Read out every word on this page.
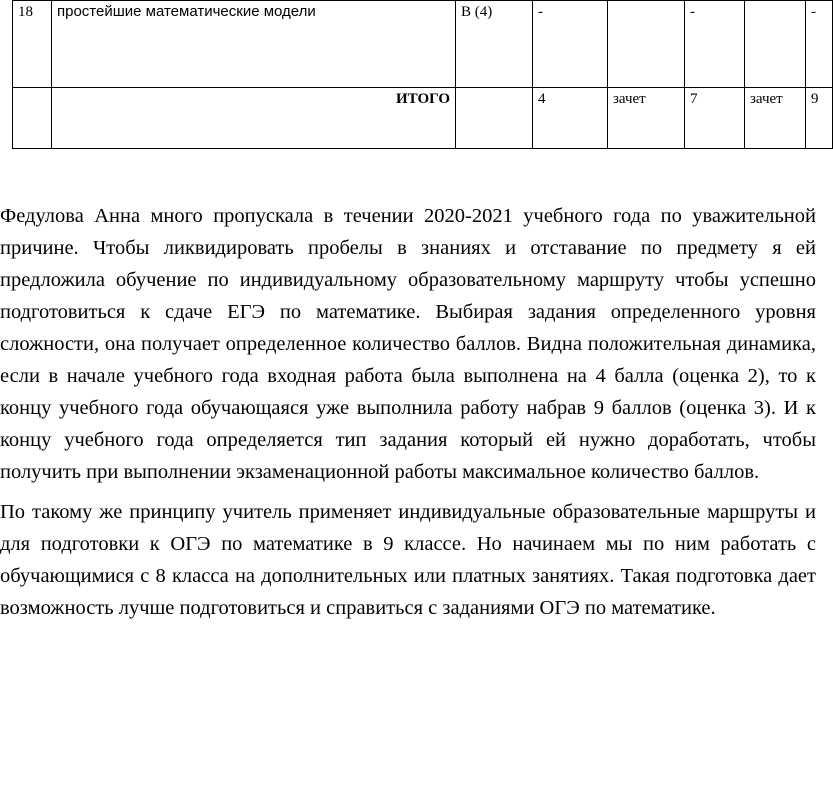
18	простейшие математические модели	В (4)	-		-		-
	ИТОГО		4	зачет	7	зачет	9

Федулова Анна много пропускала в течении 2020-2021 учебного года по уважительной причине. Чтобы ликвидировать пробелы в знаниях и отставание по предмету я ей предложила обучение по индивидуальному образовательному маршруту чтобы успешно подготовиться к сдаче ЕГЭ по математике. Выбирая задания определенного уровня сложности, она получает определенное количество баллов. Видна положительная динамика, если в начале учебного года входная работа была выполнена на 4 балла (оценка 2), то к концу учебного года обучающаяся уже выполнила работу набрав 9 баллов (оценка 3). И к концу учебного года определяется тип задания который ей нужно доработать, чтобы получить при выполнении экзаменационной работы максимальное количество баллов.

По такому же принципу учитель применяет индивидуальные образовательные маршруты и для подготовки к ОГЭ по математике в 9 классе. Но начинаем мы по ним работать с обучающимися с 8 класса на дополнительных или платных занятиях. Такая подготовка дает возможность лучше подготовиться и справиться с заданиями ОГЭ по математике.
